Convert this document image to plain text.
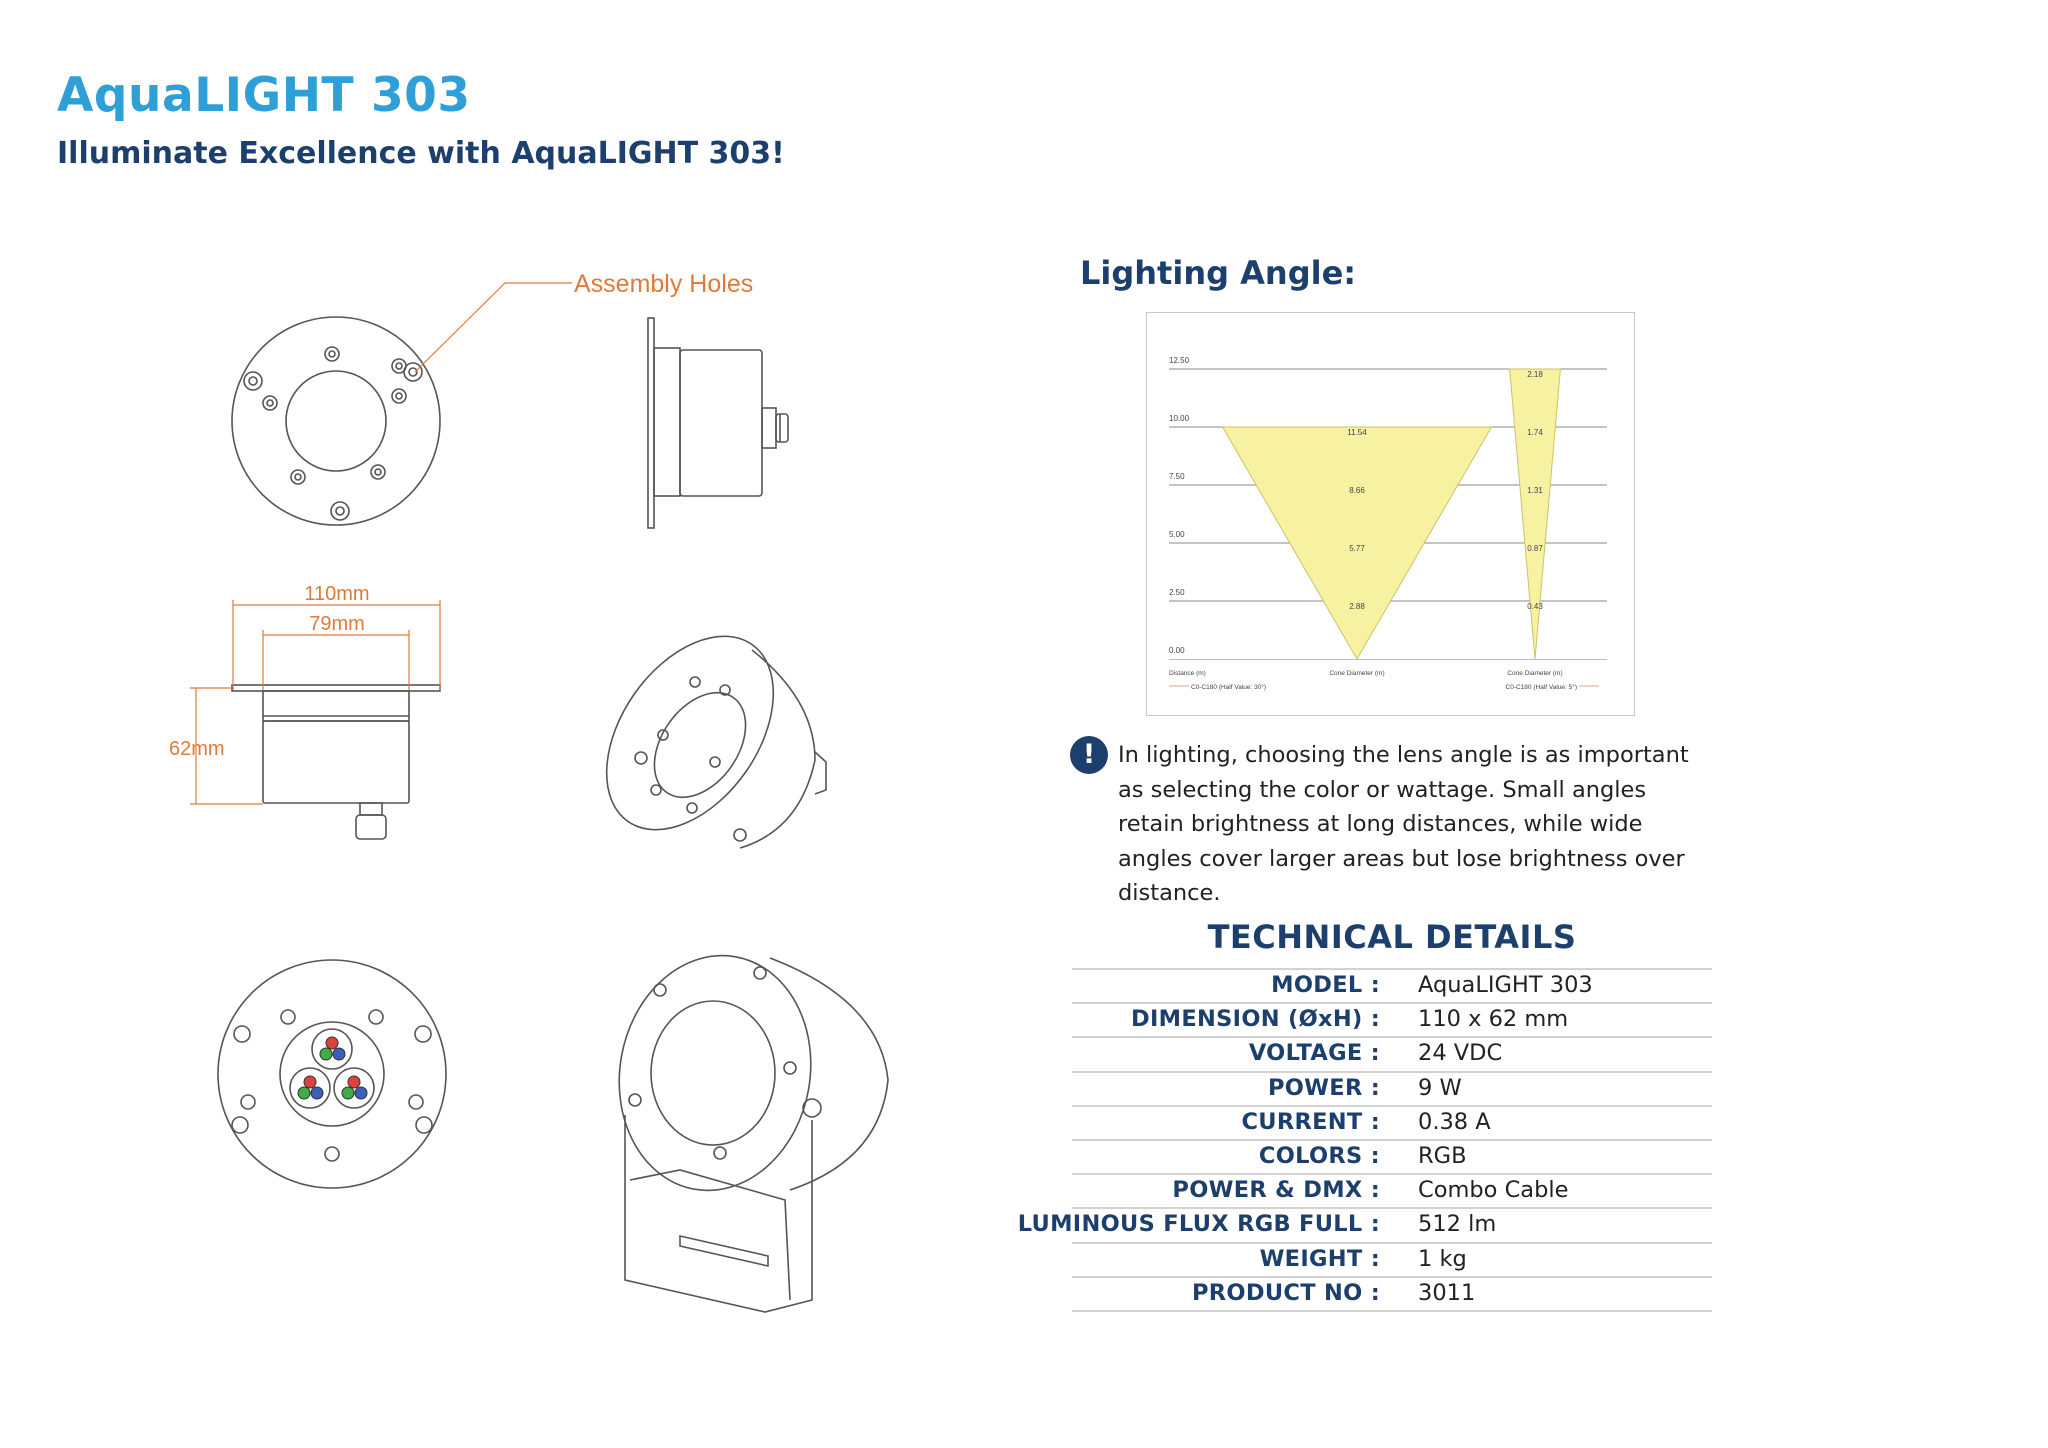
AquaLIGHT 303
Illuminate Excellence with AquaLIGHT 303!
Assembly Holes
110mm
79mm
62mm
Lighting Angle:
0.00
2.50
5.00
7.50
10.00
12.50
2.88
5.77
8.66
11.54
0.43
0.87
1.31
1.74
2.18
Distance (m)	Cone Diameter (m)	Cone Diameter (m)
C0-C180 (Half Value: 30°)	C0-C180 (Half Value: 5°)
!	In lighting, choosing the lens angle is as important as selecting the color or wattage. Small angles retain brightness at long distances, while wide angles cover larger areas but lose brightness over distance.

TECHNICAL DETAILS
MODEL : AquaLIGHT 303
DIMENSION (ØxH) : 110 x 62 mm
VOLTAGE : 24 VDC
POWER : 9 W
CURRENT : 0.38 A
COLORS : RGB
POWER & DMX : Combo Cable
LUMINOUS FLUX RGB FULL : 512 lm
WEIGHT : 1 kg
PRODUCT NO : 3011
